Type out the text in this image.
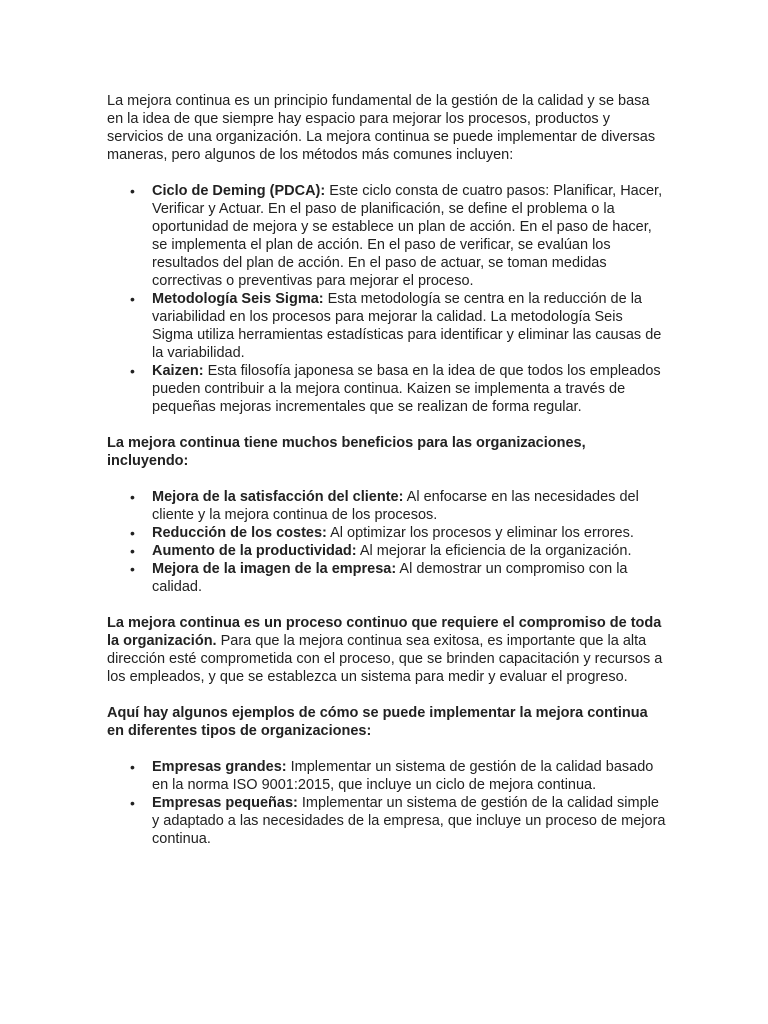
La mejora continua es un principio fundamental de la gestión de la calidad y se basa en la idea de que siempre hay espacio para mejorar los procesos, productos y servicios de una organización. La mejora continua se puede implementar de diversas maneras, pero algunos de los métodos más comunes incluyen:

• Ciclo de Deming (PDCA): Este ciclo consta de cuatro pasos: Planificar, Hacer, Verificar y Actuar. En el paso de planificación, se define el problema o la oportunidad de mejora y se establece un plan de acción. En el paso de hacer, se implementa el plan de acción. En el paso de verificar, se evalúan los resultados del plan de acción. En el paso de actuar, se toman medidas correctivas o preventivas para mejorar el proceso.
• Metodología Seis Sigma: Esta metodología se centra en la reducción de la variabilidad en los procesos para mejorar la calidad. La metodología Seis Sigma utiliza herramientas estadísticas para identificar y eliminar las causas de la variabilidad.
• Kaizen: Esta filosofía japonesa se basa en la idea de que todos los empleados pueden contribuir a la mejora continua. Kaizen se implementa a través de pequeñas mejoras incrementales que se realizan de forma regular.

La mejora continua tiene muchos beneficios para las organizaciones, incluyendo:

• Mejora de la satisfacción del cliente: Al enfocarse en las necesidades del cliente y la mejora continua de los procesos.
• Reducción de los costes: Al optimizar los procesos y eliminar los errores.
• Aumento de la productividad: Al mejorar la eficiencia de la organización.
• Mejora de la imagen de la empresa: Al demostrar un compromiso con la calidad.

La mejora continua es un proceso continuo que requiere el compromiso de toda la organización. Para que la mejora continua sea exitosa, es importante que la alta dirección esté comprometida con el proceso, que se brinden capacitación y recursos a los empleados, y que se establezca un sistema para medir y evaluar el progreso.

Aquí hay algunos ejemplos de cómo se puede implementar la mejora continua en diferentes tipos de organizaciones:

• Empresas grandes: Implementar un sistema de gestión de la calidad basado en la norma ISO 9001:2015, que incluye un ciclo de mejora continua.
• Empresas pequeñas: Implementar un sistema de gestión de la calidad simple y adaptado a las necesidades de la empresa, que incluye un proceso de mejora continua.
